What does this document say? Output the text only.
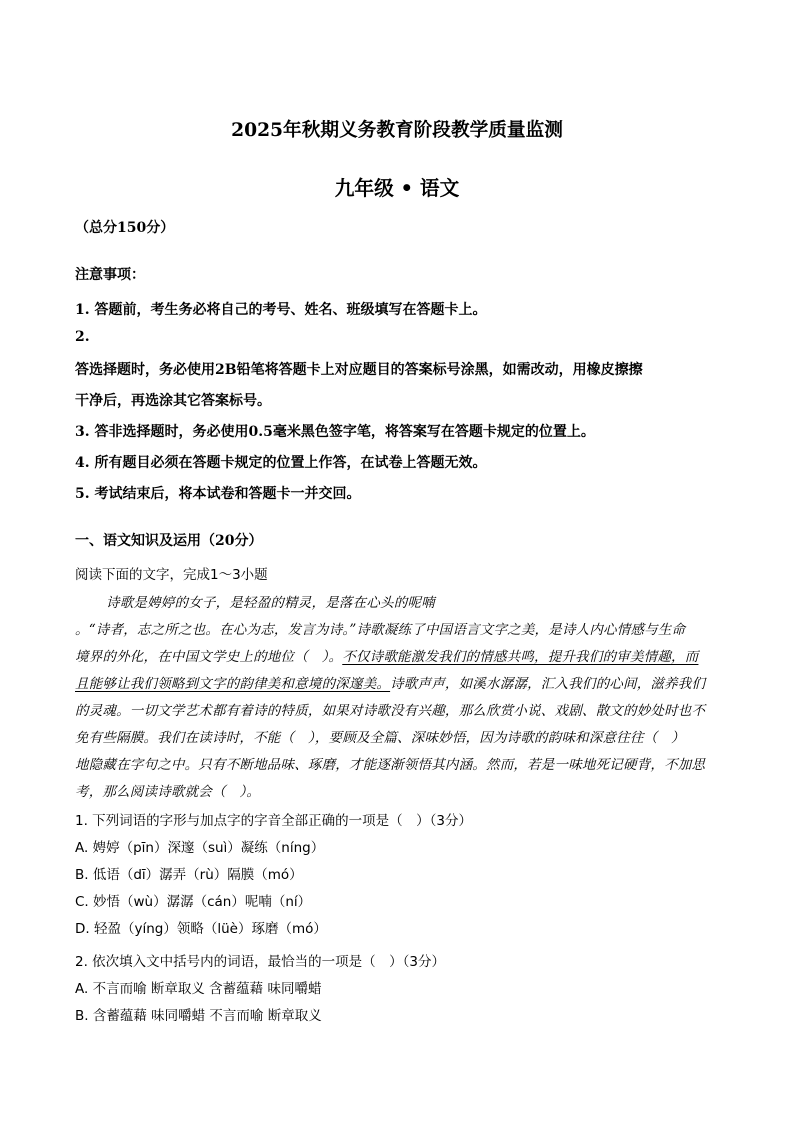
2025年秋期义务教育阶段教学质量监测
九年级 • 语文
（总分150分）
注意事项：
1. 答题前，考生务必将自己的考号、姓名、班级填写在答题卡上。
2.
答选择题时，务必使用2B铅笔将答题卡上对应题目的答案标号涂黑，如需改动，用橡皮擦擦
干净后，再选涂其它答案标号。
3. 答非选择题时，务必使用0.5毫米黑色签字笔，将答案写在答题卡规定的位置上。
4. 所有题目必须在答题卡规定的位置上作答，在试卷上答题无效。
5. 考试结束后，将本试卷和答题卡一并交回。
一、语文知识及运用（20分）
阅读下面的文字，完成1～3小题
诗歌是娉婷的女子，是轻盈的精灵，是落在心头的呢喃
。“诗者，志之所之也。在心为志，发言为诗。”诗歌凝练了中国语言文字之美，是诗人内心情感与生命
境界的外化，在中国文学史上的地位（　）。不仅诗歌能激发我们的情感共鸣，提升我们的审美情趣，而
且能够让我们领略到文字的韵律美和意境的深邃美。诗歌声声，如溪水潺潺，汇入我们的心间，滋养我们
的灵魂。一切文学艺术都有着诗的特质，如果对诗歌没有兴趣，那么欣赏小说、戏剧、散文的妙处时也不
免有些隔膜。我们在读诗时，不能（　），要顾及全篇、深味妙悟，因为诗歌的韵味和深意往往（　）
地隐藏在字句之中。只有不断地品味、琢磨，才能逐渐领悟其内涵。然而，若是一味地死记硬背，不加思
考，那么阅读诗歌就会（　）。
1. 下列词语的字形与加点字的字音全部正确的一项是（　）（3分）
A. 娉婷（pīn）深邃（suì）凝练（níng）
B. 低语（dī）潺弄（rù）隔膜（mó）
C. 妙悟（wù）潺潺（cán）呢喃（ní）
D. 轻盈（yíng）领略（lüè）琢磨（mó）
2. 依次填入文中括号内的词语，最恰当的一项是（　）（3分）
A. 不言而喻 断章取义 含蓄蕴藉 味同嚼蜡
B. 含蓄蕴藉 味同嚼蜡 不言而喻 断章取义
